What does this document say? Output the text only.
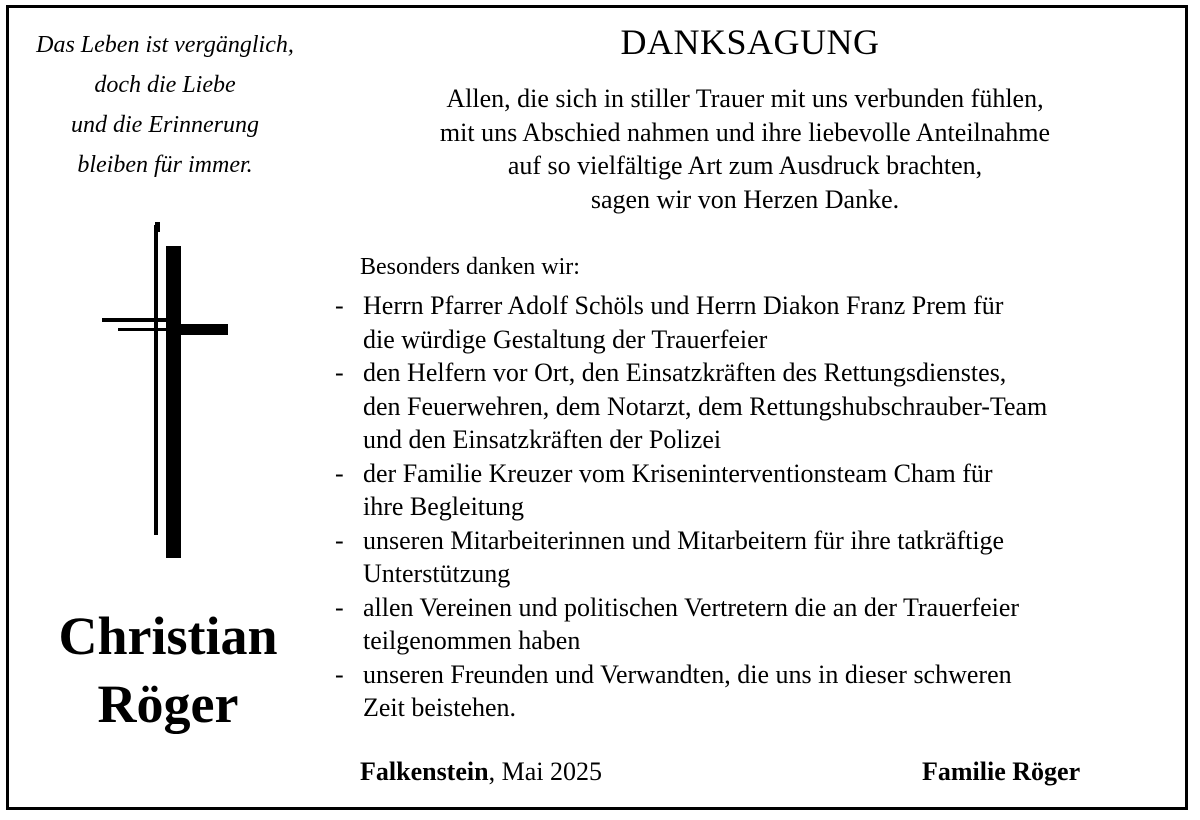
Das Leben ist vergänglich,
doch die Liebe
und die Erinnerung
bleiben für immer.
Christian
Röger
DANKSAGUNG
Allen, die sich in stiller Trauer mit uns verbunden fühlen,
mit uns Abschied nahmen und ihre liebevolle Anteilnahme
auf so vielfältige Art zum Ausdruck brachten,
sagen wir von Herzen Danke.
Besonders danken wir:
- Herrn Pfarrer Adolf Schöls und Herrn Diakon Franz Prem für
die würdige Gestaltung der Trauerfeier
- den Helfern vor Ort, den Einsatzkräften des Rettungsdienstes,
den Feuerwehren, dem Notarzt, dem Rettungshubschrauber-Team
und den Einsatzkräften der Polizei
- der Familie Kreuzer vom Kriseninterventionsteam Cham für
ihre Begleitung
- unseren Mitarbeiterinnen und Mitarbeitern für ihre tatkräftige
Unterstützung
- allen Vereinen und politischen Vertretern die an der Trauerfeier
teilgenommen haben
- unseren Freunden und Verwandten, die uns in dieser schweren
Zeit beistehen.
Falkenstein, Mai 2025	Familie Röger
